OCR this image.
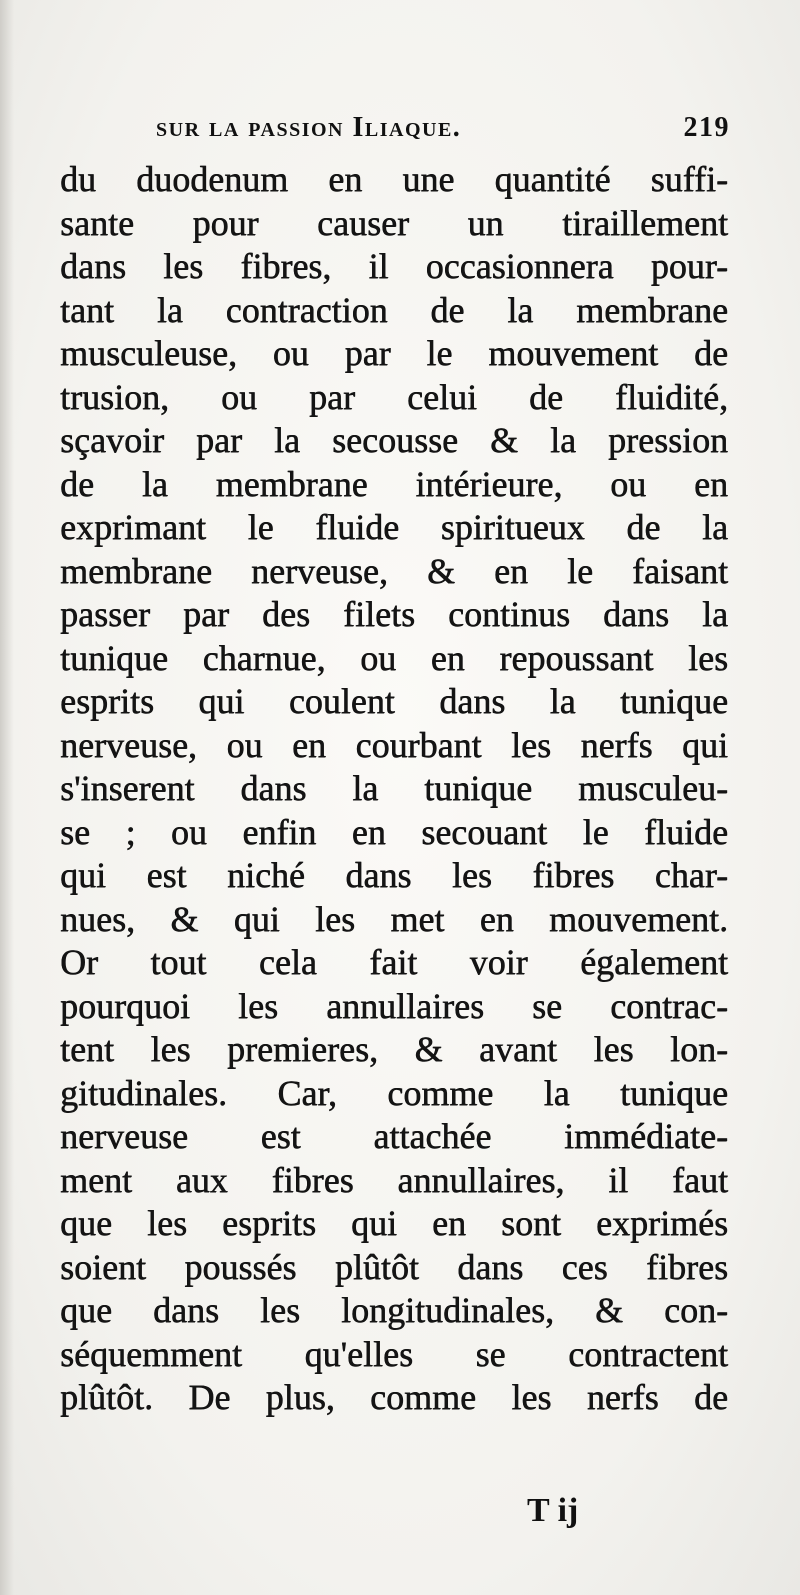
sur la passion Iliaque.	219
du duodenum en une quantité suffi-
sante pour causer un tiraillement
dans les fibres, il occasionnera pour-
tant la contraction de la membrane
musculeuse, ou par le mouvement de
trusion, ou par celui de fluidité,
sçavoir par la secousse & la pression
de la membrane intérieure, ou en
exprimant le fluide spiritueux de la
membrane nerveuse, & en le faisant
passer par des filets continus dans la
tunique charnue, ou en repoussant les
esprits qui coulent dans la tunique
nerveuse, ou en courbant les nerfs qui
s'inserent dans la tunique musculeu-
se ; ou enfin en secouant le fluide
qui est niché dans les fibres char-
nues, & qui les met en mouvement.
Or tout cela fait voir également
pourquoi les annullaires se contrac-
tent les premieres, & avant les lon-
gitudinales. Car, comme la tunique
nerveuse est attachée immédiate-
ment aux fibres annullaires, il faut
que les esprits qui en sont exprimés
soient poussés plûtôt dans ces fibres
que dans les longitudinales, & con-
séquemment qu'elles se contractent
plûtôt. De plus, comme les nerfs de
T ij
